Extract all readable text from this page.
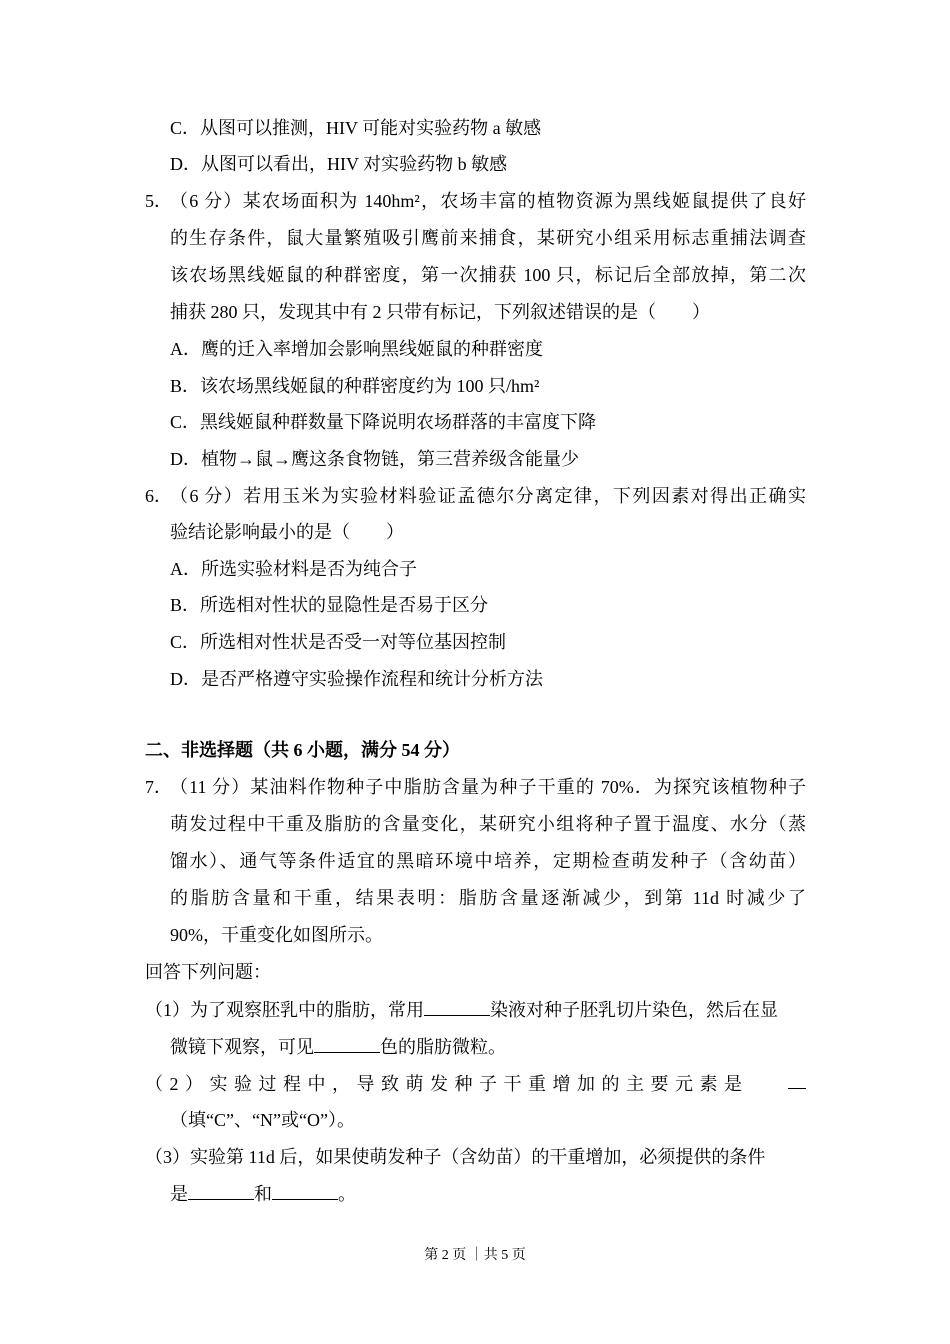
C．从图可以推测，HIV 可能对实验药物 a 敏感
D．从图可以看出，HIV 对实验药物 b 敏感
5．
（6 分）某农场面积为 140hm²，农场丰富的植物资源为黑线姬鼠提供了良好
的生存条件，鼠大量繁殖吸引鹰前来捕食，某研究小组采用标志重捕法调查
该农场黑线姬鼠的种群密度，第一次捕获 100 只，标记后全部放掉，第二次
捕获 280 只，发现其中有 2 只带有标记，下列叙述错误的是（　　）
A．鹰的迁入率增加会影响黑线姬鼠的种群密度
B．该农场黑线姬鼠的种群密度约为 100 只/hm²
C．黑线姬鼠种群数量下降说明农场群落的丰富度下降
D．植物→鼠→鹰这条食物链，第三营养级含能量少
6．
（6 分）若用玉米为实验材料验证孟德尔分离定律，下列因素对得出正确实
验结论影响最小的是（　　）
A．所选实验材料是否为纯合子
B．所选相对性状的显隐性是否易于区分
C．所选相对性状是否受一对等位基因控制
D．是否严格遵守实验操作流程和统计分析方法
二、非选择题（共 6 小题，满分 54 分）
7．
（11 分）某油料作物种子中脂肪含量为种子干重的 70%．为探究该植物种子
萌发过程中干重及脂肪的含量变化，某研究小组将种子置于温度、水分（蒸
馏水）、通气等条件适宜的黑暗环境中培养，定期检查萌发种子（含幼苗）
的脂肪含量和干重，结果表明：脂肪含量逐渐减少，到第 11d 时减少了
90%，干重变化如图所示。
回答下列问题：
（1）为了观察胚乳中的脂肪，常用	染液对种子胚乳切片染色，然后在显
微镜下观察，可见	色的脂肪微粒。
（2）实验过程中，导致萌发种子干重增加的主要元素是
（填“C”、“N”或“O”）。
（3）实验第 11d 后，如果使萌发种子（含幼苗）的干重增加，必须提供的条件
是	和	。
第 2 页 ｜共 5 页
